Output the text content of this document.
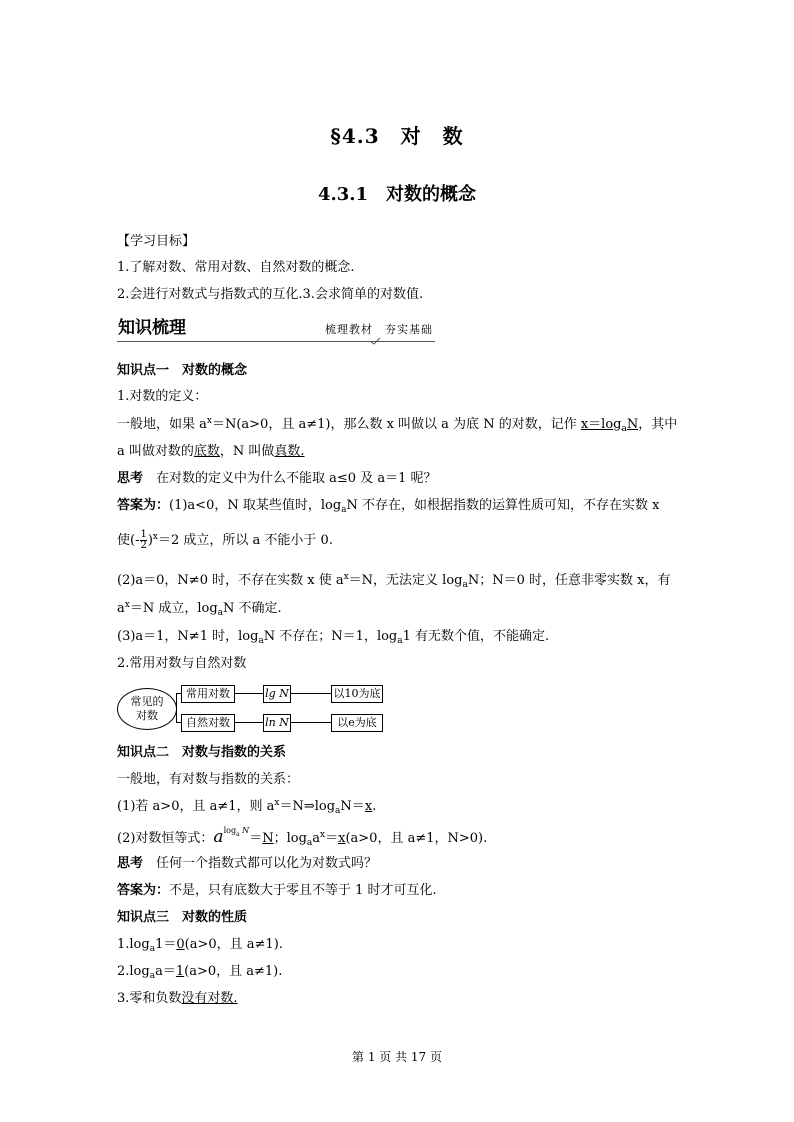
§4.3　对　数
4.3.1　对数的概念
【学习目标】
1.了解对数、常用对数、自然对数的概念.
2.会进行对数式与指数式的互化.3.会求简单的对数值.
知识梳理	梳理教材　夯实基础
知识点一　对数的概念
1.对数的定义：
一般地，如果 $a^x=N(a>0$，且 a≠1)，那么数 x 叫做以 a 为底 N 的对数，记作 $x=\log_aN$，其中
a 叫做对数的底数，N 叫做真数.
思考　在对数的定义中为什么不能取 a≤0 及 a＝1 呢？
答案为：(1)a<0，N 取某些值时，$\log_aN$ 不存在，如根据指数的运算性质可知，不存在实数 x
使(- $\frac{1}{2} )^x=2$ 成立，所以 a 不能小于 0.
(2)a＝0，N≠0 时，不存在实数 x 使 $a^x=N$，无法定义 $\log_aN$；N＝0 时，任意非零实数 x，有
$a^x=N$ 成立，$\log_aN$ 不确定.
(3)a＝1，N≠1 时，$\log_aN$ 不存在；N＝1，$\log_a1$ 有无数个值，不能确定.
2.常用对数与自然对数
常见的
对数
常用对数	lg N	以10为底
自然对数	ln N	以e为底
知识点二　对数与指数的关系
一般地，有对数与指数的关系：
(1)若 a>0，且 a≠1，则 $a^x=N\Rightarrow\log_aN=x$.
(2)对数恒等式：$a^{log_a N}=N$；$\log_aa^x=x(a>0$，且 a≠1，N>0).
思考　任何一个指数式都可以化为对数式吗？
答案为：不是，只有底数大于零且不等于 1 时才可互化.
知识点三　对数的性质
$1.\log_a1=0(a>0$，且 a≠1).
$2.\log_aa=1(a>0$，且 a≠1).
3.零和负数没有对数.
第 1 页 共 17 页
